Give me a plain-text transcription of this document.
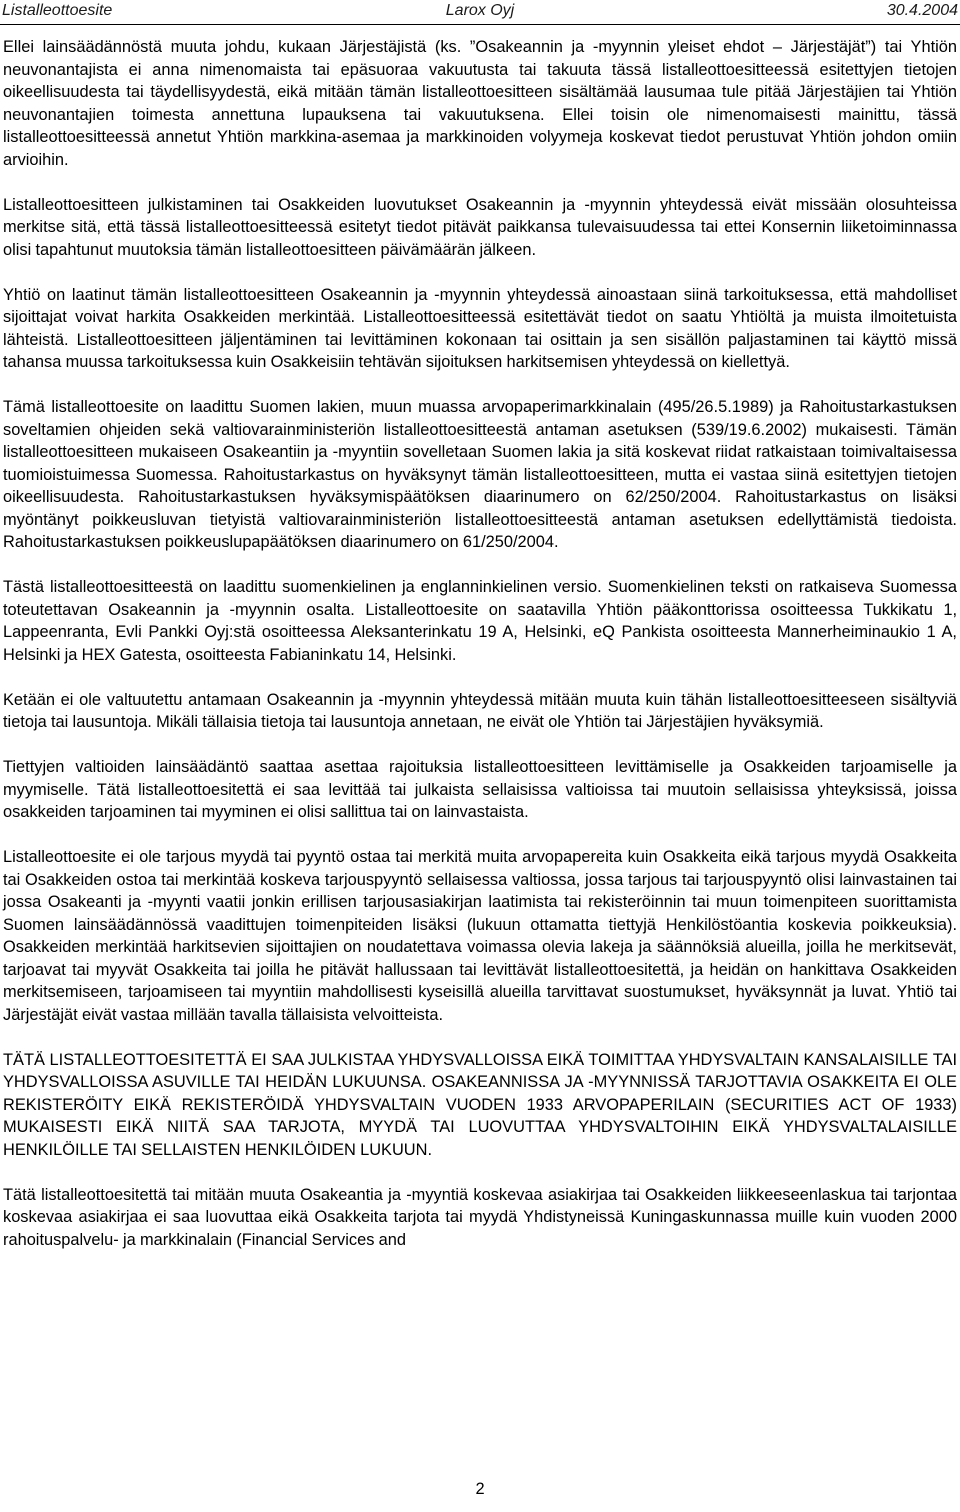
Listalleottoesite	Larox Oyj	30.4.2004

Ellei lainsäädännöstä muuta johdu, kukaan Järjestäjistä (ks. ”Osakeannin ja -myynnin yleiset ehdot – Järjestäjät”) tai Yhtiön neuvonantajista ei anna nimenomaista tai epäsuoraa vakuutusta tai takuuta tässä listalleottoesitteessä esitettyjen tietojen oikeellisuudesta tai täydellisyydestä, eikä mitään tämän listalleottoesitteen sisältämää lausumaa tule pitää Järjestäjien tai Yhtiön neuvonantajien toimesta annettuna lupauksena tai vakuutuksena. Ellei toisin ole nimenomaisesti mainittu, tässä listalleottoesitteessä annetut Yhtiön markkina-asemaa ja markkinoiden volyymeja koskevat tiedot perustuvat Yhtiön johdon omiin arvioihin.

Listalleottoesitteen julkistaminen tai Osakkeiden luovutukset Osakeannin ja -myynnin yhteydessä eivät missään olosuhteissa merkitse sitä, että tässä listalleottoesitteessä esitetyt tiedot pitävät paikkansa tulevaisuudessa tai ettei Konsernin liiketoiminnassa olisi tapahtunut muutoksia tämän listalleottoesitteen päivämäärän jälkeen.

Yhtiö on laatinut tämän listalleottoesitteen Osakeannin ja -myynnin yhteydessä ainoastaan siinä tarkoituksessa, että mahdolliset sijoittajat voivat harkita Osakkeiden merkintää. Listalleottoesitteessä esitettävät tiedot on saatu Yhtiöltä ja muista ilmoitetuista lähteistä. Listalleottoesitteen jäljentäminen tai levittäminen kokonaan tai osittain ja sen sisällön paljastaminen tai käyttö missä tahansa muussa tarkoituksessa kuin Osakkeisiin tehtävän sijoituksen harkitsemisen yhteydessä on kiellettyä.

Tämä listalleottoesite on laadittu Suomen lakien, muun muassa arvopaperimarkkinalain (495/26.5.1989) ja Rahoitustarkastuksen soveltamien ohjeiden sekä valtiovarainministeriön listalleottoesitteestä antaman asetuksen (539/19.6.2002) mukaisesti. Tämän listalleottoesitteen mukaiseen Osakeantiin ja -myyntiin sovelletaan Suomen lakia ja sitä koskevat riidat ratkaistaan toimivaltaisessa tuomioistuimessa Suomessa. Rahoitustarkastus on hyväksynyt tämän listalleottoesitteen, mutta ei vastaa siinä esitettyjen tietojen oikeellisuudesta. Rahoitustarkastuksen hyväksymispäätöksen diaarinumero on 62/250/2004. Rahoitustarkastus on lisäksi myöntänyt poikkeusluvan tietyistä valtiovarainministeriön listalleottoesitteestä antaman asetuksen edellyttämistä tiedoista. Rahoitustarkastuksen poikkeuslupapäätöksen diaarinumero on 61/250/2004.

Tästä listalleottoesitteestä on laadittu suomenkielinen ja englanninkielinen versio. Suomenkielinen teksti on ratkaiseva Suomessa toteutettavan Osakeannin ja -myynnin osalta. Listalleottoesite on saatavilla Yhtiön pääkonttorissa osoitteessa Tukkikatu 1, Lappeenranta, Evli Pankki Oyj:stä osoitteessa Aleksanterinkatu 19 A, Helsinki, eQ Pankista osoitteesta Mannerheiminaukio 1 A, Helsinki ja HEX Gatesta, osoitteesta Fabianinkatu 14, Helsinki.

Ketään ei ole valtuutettu antamaan Osakeannin ja -myynnin yhteydessä mitään muuta kuin tähän listalleottoesitteeseen sisältyviä tietoja tai lausuntoja. Mikäli tällaisia tietoja tai lausuntoja annetaan, ne eivät ole Yhtiön tai Järjestäjien hyväksymiä.

Tiettyjen valtioiden lainsäädäntö saattaa asettaa rajoituksia listalleottoesitteen levittämiselle ja Osakkeiden tarjoamiselle ja myymiselle. Tätä listalleottoesitettä ei saa levittää tai julkaista sellaisissa valtioissa tai muutoin sellaisissa yhteyksissä, joissa osakkeiden tarjoaminen tai myyminen ei olisi sallittua tai on lainvastaista.

Listalleottoesite ei ole tarjous myydä tai pyyntö ostaa tai merkitä muita arvopapereita kuin Osakkeita eikä tarjous myydä Osakkeita tai Osakkeiden ostoa tai merkintää koskeva tarjouspyyntö sellaisessa valtiossa, jossa tarjous tai tarjouspyyntö olisi lainvastainen tai jossa Osakeanti ja -myynti vaatii jonkin erillisen tarjousasiakirjan laatimista tai rekisteröinnin tai muun toimenpiteen suorittamista Suomen lainsäädännössä vaadittujen toimenpiteiden lisäksi (lukuun ottamatta tiettyjä Henkilöstöantia koskevia poikkeuksia). Osakkeiden merkintää harkitsevien sijoittajien on noudatettava voimassa olevia lakeja ja säännöksiä alueilla, joilla he merkitsevät, tarjoavat tai myyvät Osakkeita tai joilla he pitävät hallussaan tai levittävät listalleottoesitettä, ja heidän on hankittava Osakkeiden merkitsemiseen, tarjoamiseen tai myyntiin mahdollisesti kyseisillä alueilla tarvittavat suostumukset, hyväksynnät ja luvat. Yhtiö tai Järjestäjät eivät vastaa millään tavalla tällaisista velvoitteista.

TÄTÄ LISTALLEOTTOESITETTÄ EI SAA JULKISTAA YHDYSVALLOISSA EIKÄ TOIMITTAA YHDYSVALTAIN KANSALAISILLE TAI YHDYSVALLOISSA ASUVILLE TAI HEIDÄN LUKUUNSA. OSAKEANNISSA JA -MYYNNISSÄ TARJOTTAVIA OSAKKEITA EI OLE REKISTERÖITY EIKÄ REKISTERÖIDÄ YHDYSVALTAIN VUODEN 1933 ARVOPAPERILAIN (SECURITIES ACT OF 1933) MUKAISESTI EIKÄ NIITÄ SAA TARJOTA, MYYDÄ TAI LUOVUTTAA YHDYSVALTOIHIN EIKÄ YHDYSVALTALAISILLE HENKILÖILLE TAI SELLAISTEN HENKILÖIDEN LUKUUN.

Tätä listalleottoesitettä tai mitään muuta Osakeantia ja -myyntiä koskevaa asiakirjaa tai Osakkeiden liikkeeseenlaskua tai tarjontaa koskevaa asiakirjaa ei saa luovuttaa eikä Osakkeita tarjota tai myydä Yhdistyneissä Kuningaskunnassa muille kuin vuoden 2000 rahoituspalvelu- ja markkinalain (Financial Services and

2
